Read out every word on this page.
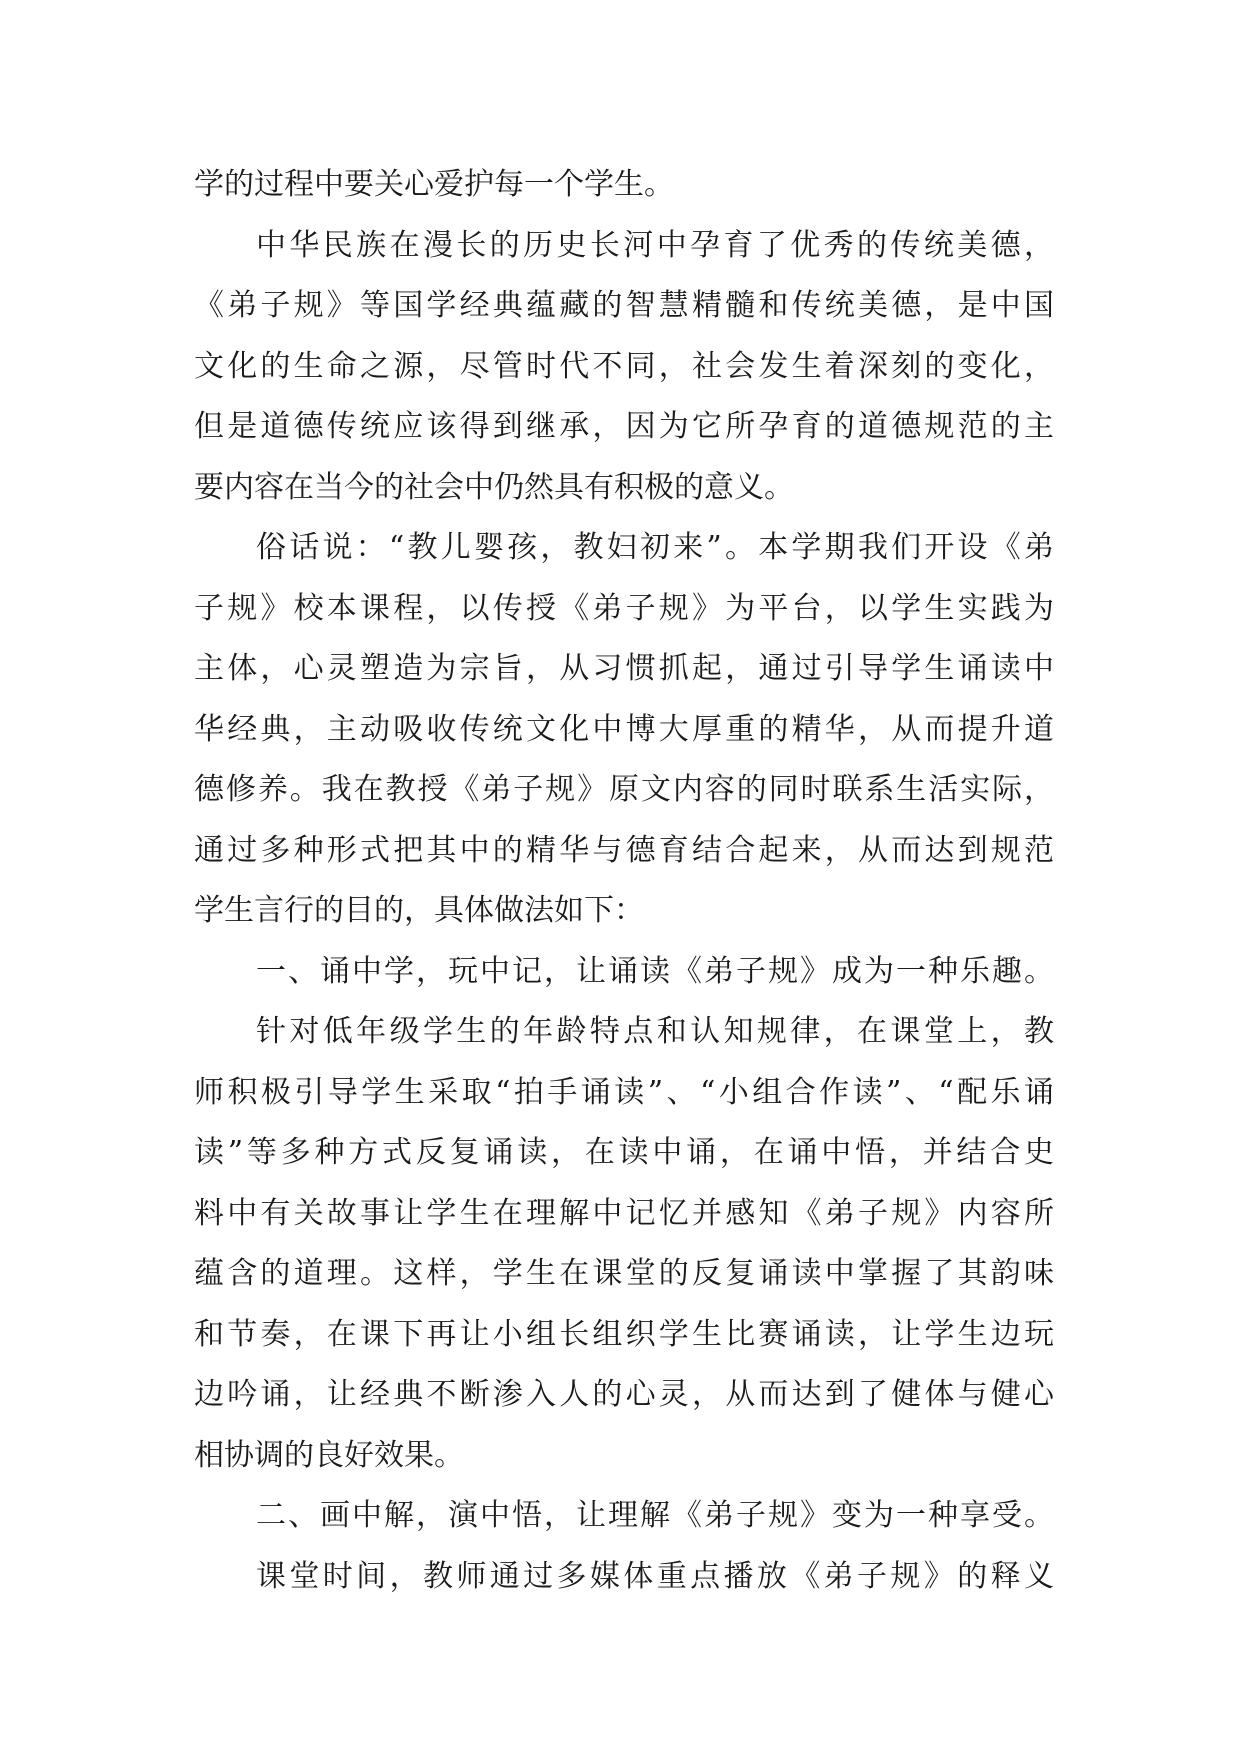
学的过程中要关心爱护每一个学生。
中华民族在漫长的历史长河中孕育了优秀的传统美德，
《弟子规》等国学经典蕴藏的智慧精髓和传统美德，是中国
文化的生命之源，尽管时代不同，社会发生着深刻的变化，
但是道德传统应该得到继承，因为它所孕育的道德规范的主
要内容在当今的社会中仍然具有积极的意义。
俗话说：“教儿婴孩，教妇初来”。本学期我们开设《弟
子规》校本课程，以传授《弟子规》为平台，以学生实践为
主体，心灵塑造为宗旨，从习惯抓起，通过引导学生诵读中
华经典，主动吸收传统文化中博大厚重的精华，从而提升道
德修养。我在教授《弟子规》原文内容的同时联系生活实际，
通过多种形式把其中的精华与德育结合起来，从而达到规范
学生言行的目的，具体做法如下：
一、诵中学，玩中记，让诵读《弟子规》成为一种乐趣。
针对低年级学生的年龄特点和认知规律，在课堂上，教
师积极引导学生采取“拍手诵读”、“小组合作读”、“配乐诵
读”等多种方式反复诵读，在读中诵，在诵中悟，并结合史
料中有关故事让学生在理解中记忆并感知《弟子规》内容所
蕴含的道理。这样，学生在课堂的反复诵读中掌握了其韵味
和节奏，在课下再让小组长组织学生比赛诵读，让学生边玩
边吟诵，让经典不断渗入人的心灵，从而达到了健体与健心
相协调的良好效果。
二、画中解，演中悟，让理解《弟子规》变为一种享受。
课堂时间，教师通过多媒体重点播放《弟子规》的释义
